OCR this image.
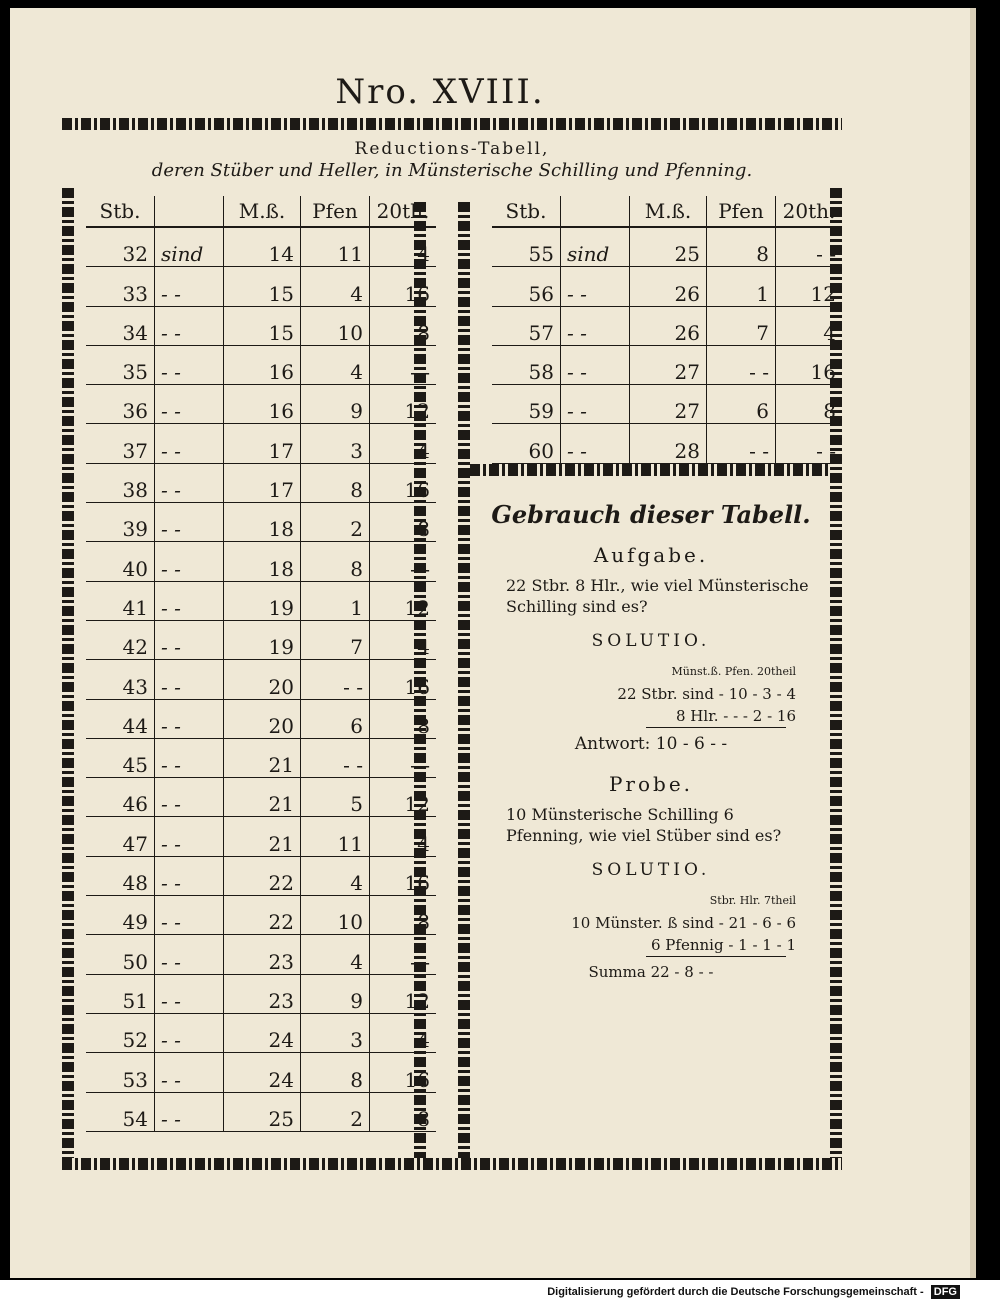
Nro. XVIII.
Reductions-Tabell,
deren Stüber und Heller, in Münsterische Schilling und Pfenning.
Stb.		M.ß.	Pfen	20th.
32	sind	14	11	4
33	- -	15	4	16
34	- -	15	10	8
35	- -	16	4	- -
36	- -	16	9	12
37	- -	17	3	4
38	- -	17	8	16
39	- -	18	2	8
40	- -	18	8	- -
41	- -	19	1	12
42	- -	19	7	4
43	- -	20	- -	16
44	- -	20	6	8
45	- -	21	- -	- -
46	- -	21	5	12
47	- -	21	11	4
48	- -	22	4	16
49	- -	22	10	8
50	- -	23	4	- -
51	- -	23	9	12
52	- -	24	3	4
53	- -	24	8	16
54	- -	25	2	8
Stb.		M.ß.	Pfen	20th.
55	sind	25	8	- -
56	- -	26	1	12
57	- -	26	7	4
58	- -	27	- -	16
59	- -	27	6	8
60	- -	28	- -	- -
Gebrauch dieser Tabell.
Aufgabe.
22 Stbr. 8 Hlr., wie viel Münsterische Schilling sind es?
SOLUTIO.
Münst.ß. Pfen. 20theil
22 Stbr. sind - 10 - 3 - 4
8 Hlr. - - - 2 - 16
Antwort: 10 - 6 - -
Probe.
10 Münsterische Schilling 6 Pfenning, wie viel Stüber sind es?
SOLUTIO.
Stbr. Hlr. 7theil
10 Münster. ß sind - 21 - 6 - 6
6 Pfennig - 1 - 1 - 1
Summa 22 - 8 - -
Digitalisierung gefördert durch die Deutsche Forschungsgemeinschaft - DFG
